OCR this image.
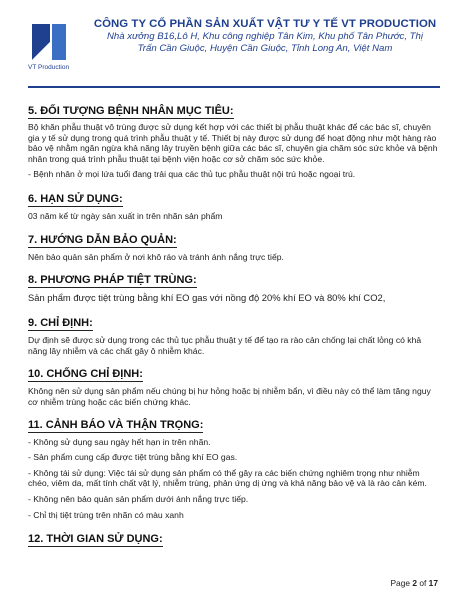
VT Production
CÔNG TY CỔ PHẦN SẢN XUẤT VẬT TƯ Y TẾ VT PRODUCTION
Nhà xưởng B16,Lô H, Khu công nghiệp Tân Kim, Khu phố Tân Phước, Thị
Trấn Cần Giuộc, Huyện Cần Giuộc, Tỉnh Long An, Việt Nam
5. ĐỐI TƯỢNG BỆNH NHÂN MỤC TIÊU:

Bộ khăn phẫu thuật vô trùng được sử dụng kết hợp với các thiết bị phẫu thuật khác để các bác sĩ, chuyên gia y tế sử dụng trong quá trình phẫu thuật y tế. Thiết bị này được sử dụng để hoạt động như một hàng rào bảo vệ nhằm ngăn ngừa khả năng lây truyền bệnh giữa các bác sĩ, chuyên gia chăm sóc sức khỏe và bệnh nhân trong quá trình phẫu thuật tại bệnh viện hoặc cơ sở chăm sóc sức khỏe.

- Bệnh nhân ở mọi lứa tuổi đang trải qua các thủ tục phẫu thuật nội trú hoặc ngoại trú.

6. HẠN SỬ DỤNG:

03 năm kể từ ngày sản xuất in trên nhãn sản phẩm

7. HƯỚNG DẪN BẢO QUẢN:

Nên bảo quản sản phẩm ở nơi khô ráo và tránh ánh nắng trực tiếp.

8. PHƯƠNG PHÁP TIỆT TRÙNG:

Sản phẩm được tiệt trùng bằng khí EO gas với nồng độ 20% khí EO và 80% khí CO2,

9. CHỈ ĐỊNH:

Dự định sẽ được sử dụng trong các thủ tục phẫu thuật y tế để tạo ra rào cản chống lại chất lỏng có khả năng lây nhiễm và các chất gây ô nhiễm khác.

10. CHỐNG CHỈ ĐỊNH:

Không nên sử dụng sản phẩm nếu chúng bị hư hỏng hoặc bị nhiễm bẩn, vì điều này có thể làm tăng nguy cơ nhiễm trùng hoặc các biến chứng khác.

11. CẢNH BÁO VÀ THẬN TRỌNG:

- Không sử dụng sau ngày hết hạn in trên nhãn.

- Sản phẩm cung cấp được tiệt trùng bằng khí EO gas.

- Không tái sử dụng: Việc tái sử dụng sản phẩm có thể gây ra các biến chứng nghiêm trọng như nhiễm chéo, viêm da, mất tính chất vật lý, nhiễm trùng, phản ứng dị ứng và khả năng bảo vệ và là rào cản kém.

- Không nên bảo quản sản phẩm dưới ánh nắng trực tiếp.

- Chỉ thị tiệt trùng trên nhãn có màu xanh

12. THỜI GIAN SỬ DỤNG:
Page 2 of 17
